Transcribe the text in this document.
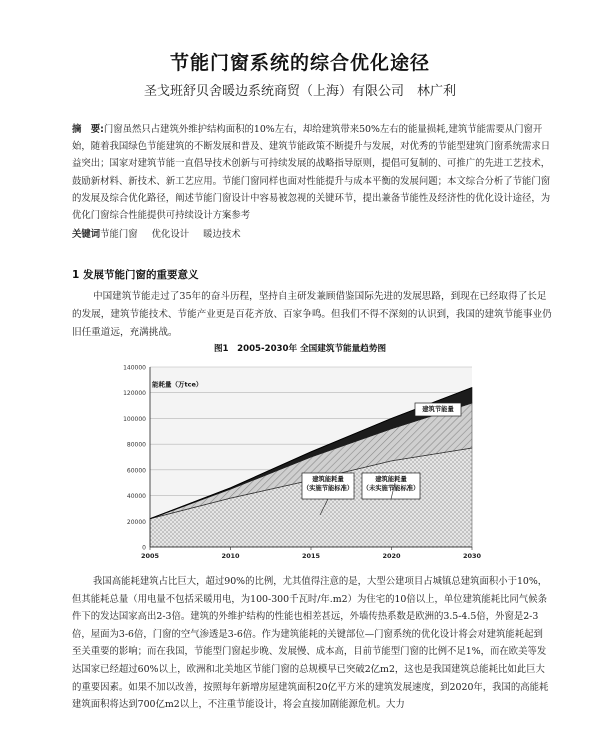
节能门窗系统的综合优化途径
圣戈班舒贝舍暖边系统商贸（上海）有限公司　林广利
摘　要:门窗虽然只占建筑外维护结构面积的10%左右，却给建筑带来50%左右的能量损耗,建筑节能需要从门窗开始，随着我国绿色节能建筑的不断发展和普及、建筑节能政策不断提升与发展，对优秀的节能型建筑门窗系统需求日益突出；国家对建筑节能一直倡导技术创新与可持续发展的战略指导原则，提倡可复制的、可推广的先进工艺技术，鼓励新材料、新技术、新工艺应用。节能门窗同样也面对性能提升与成本平衡的发展问题；本文综合分析了节能门窗的发展及综合优化路径，阐述节能门窗设计中容易被忽视的关键环节，提出兼备节能性及经济性的优化设计途径，为优化门窗综合性能提供可持续设计方案参考
关键词节能门窗 优化设计 暖边技术
1 发展节能门窗的重要意义
中国建筑节能走过了35年的奋斗历程，坚持自主研发兼顾借鉴国际先进的发展思路，到现在已经取得了长足的发展，建筑节能技术、节能产业更是百花齐放、百家争鸣。但我们不得不深刻的认识到，我国的建筑节能事业仍旧任重道远，充满挑战。
图1　2005-2030年 全国建筑节能量趋势图
0
20000
40000
60000
80000
100000
120000
140000
2005	2010	2015	2020	2030
能耗量（万tce）
建筑节能量
建筑能耗量
（实施节能标准）
建筑能耗量
（未实施节能标准）
我国高能耗建筑占比巨大，超过90%的比例，尤其值得注意的是，大型公建项目占城镇总建筑面积小于10%，但其能耗总量（用电量不包括采暖用电，为100-300千瓦时/年.m2）为住宅的10倍以上，单位建筑能耗比同气候条件下的发达国家高出2-3倍。建筑的外维护结构的性能也相差甚远，外墙传热系数是欧洲的3.5-4.5倍，外窗是2-3倍，屋面为3-6倍，门窗的空气渗透是3-6倍。作为建筑能耗的关键部位—门窗系统的优化设计将会对建筑能耗起到至关重要的影响；而在我国，节能型门窗起步晚、发展慢、成本高，目前节能型门窗的比例不足1%，而在欧美等发达国家已经超过60%以上，欧洲和北美地区节能门窗的总规模早已突破2亿m2，这也是我国建筑总能耗比如此巨大的重要因素。如果不加以改善，按照每年新增房屋建筑面积20亿平方米的建筑发展速度，到2020年，我国的高能耗建筑面积将达到700亿m2以上，不注重节能设计，将会直接加剧能源危机。大力
